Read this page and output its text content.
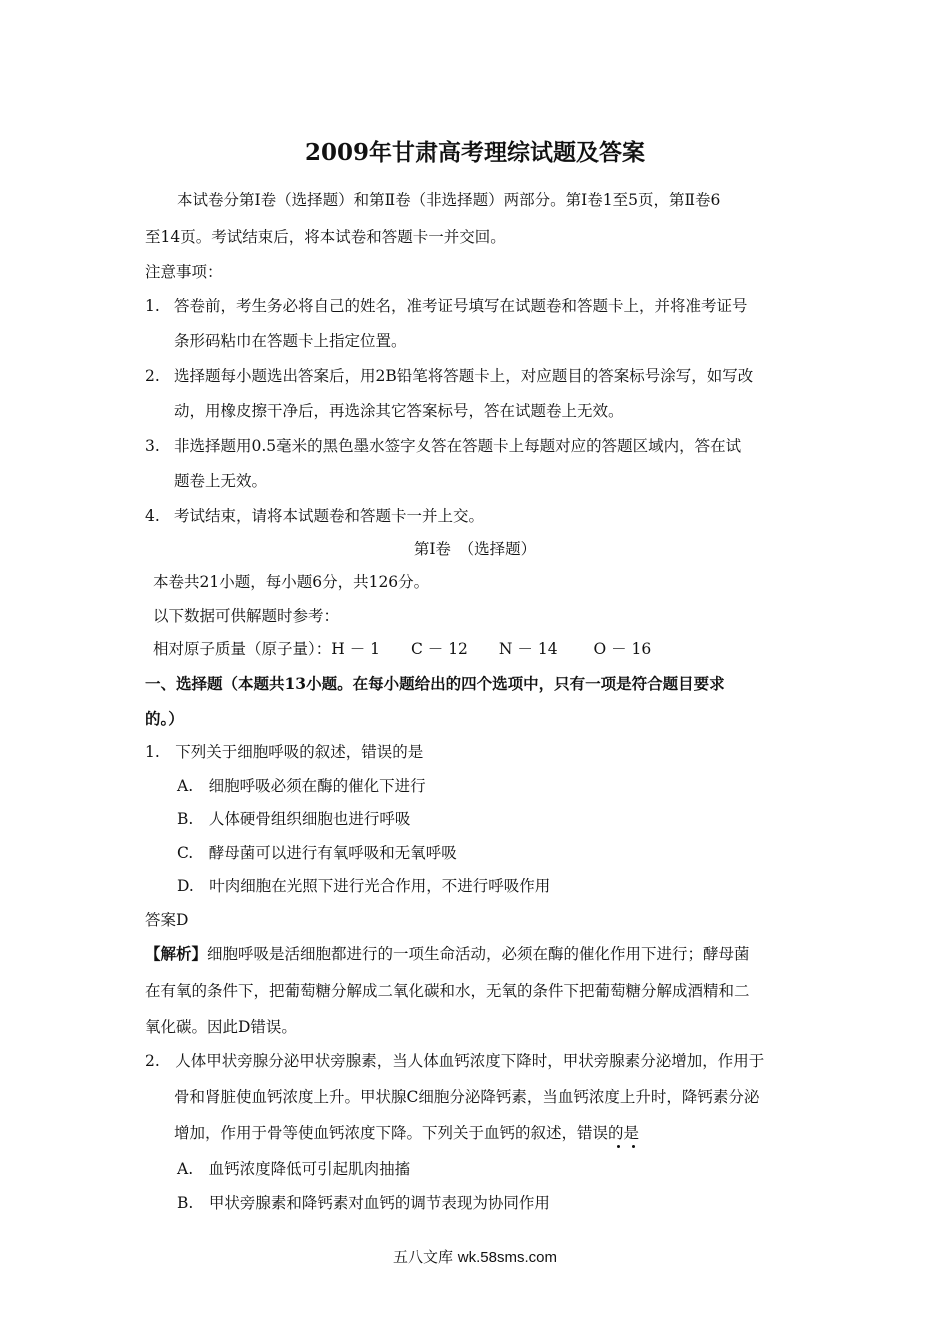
2009年甘肃高考理综试题及答案
本试卷分第Ⅰ卷（选择题）和第Ⅱ卷（非选择题）两部分。第Ⅰ卷1至5页，第Ⅱ卷6
至14页。考试结束后，将本试卷和答题卡一并交回。
注意事项：
1. 答卷前，考生务必将自己的姓名，准考证号填写在试题卷和答题卡上，并将准考证号
条形码粘巾在答题卡上指定位置。
2. 选择题每小题选出答案后，用2B铅笔将答题卡上，对应题目的答案标号涂写，如写改
动，用橡皮擦干净后，再选涂其它答案标号，答在试题卷上无效。
3. 非选择题用0.5毫米的黑色墨水签字夊答在答题卡上每题对应的答题区域内，答在试
题卷上无效。
4. 考试结束，请将本试题卷和答题卡一并上交。
第Ⅰ卷　（选择题）
本卷共21小题，每小题6分，共126分。
以下数据可供解题时参考：
相对原子质量（原子量）：H － 1　　C － 12　　N － 14　　 O － 16
一、选择题（本题共13小题。在每小题给出的四个选项中，只有一项是符合题目要求
的。）
1.　下列关于细胞呼吸的叙述，错误的是
A.　细胞呼吸必须在酶的催化下进行
B.　人体硬骨组织细胞也进行呼吸
C.　酵母菌可以进行有氧呼吸和无氧呼吸
D.　叶肉细胞在光照下进行光合作用，不进行呼吸作用
答案D
【解析】细胞呼吸是活细胞都进行的一项生命活动，必须在酶的催化作用下进行；酵母菌
在有氧的条件下，把葡萄糖分解成二氧化碳和水，无氧的条件下把葡萄糖分解成酒精和二
氧化碳。因此D错误。
2.　人体甲状旁腺分泌甲状旁腺素，当人体血钙浓度下降时，甲状旁腺素分泌增加，作用于
骨和肾脏使血钙浓度上升。甲状腺C细胞分泌降钙素，当血钙浓度上升时，降钙素分泌
增加，作用于骨等使血钙浓度下降。下列关于血钙的叙述，错误的是
A.　血钙浓度降低可引起肌肉抽搐
B.　甲状旁腺素和降钙素对血钙的调节表现为协同作用
五八文库 wk.58sms.com
